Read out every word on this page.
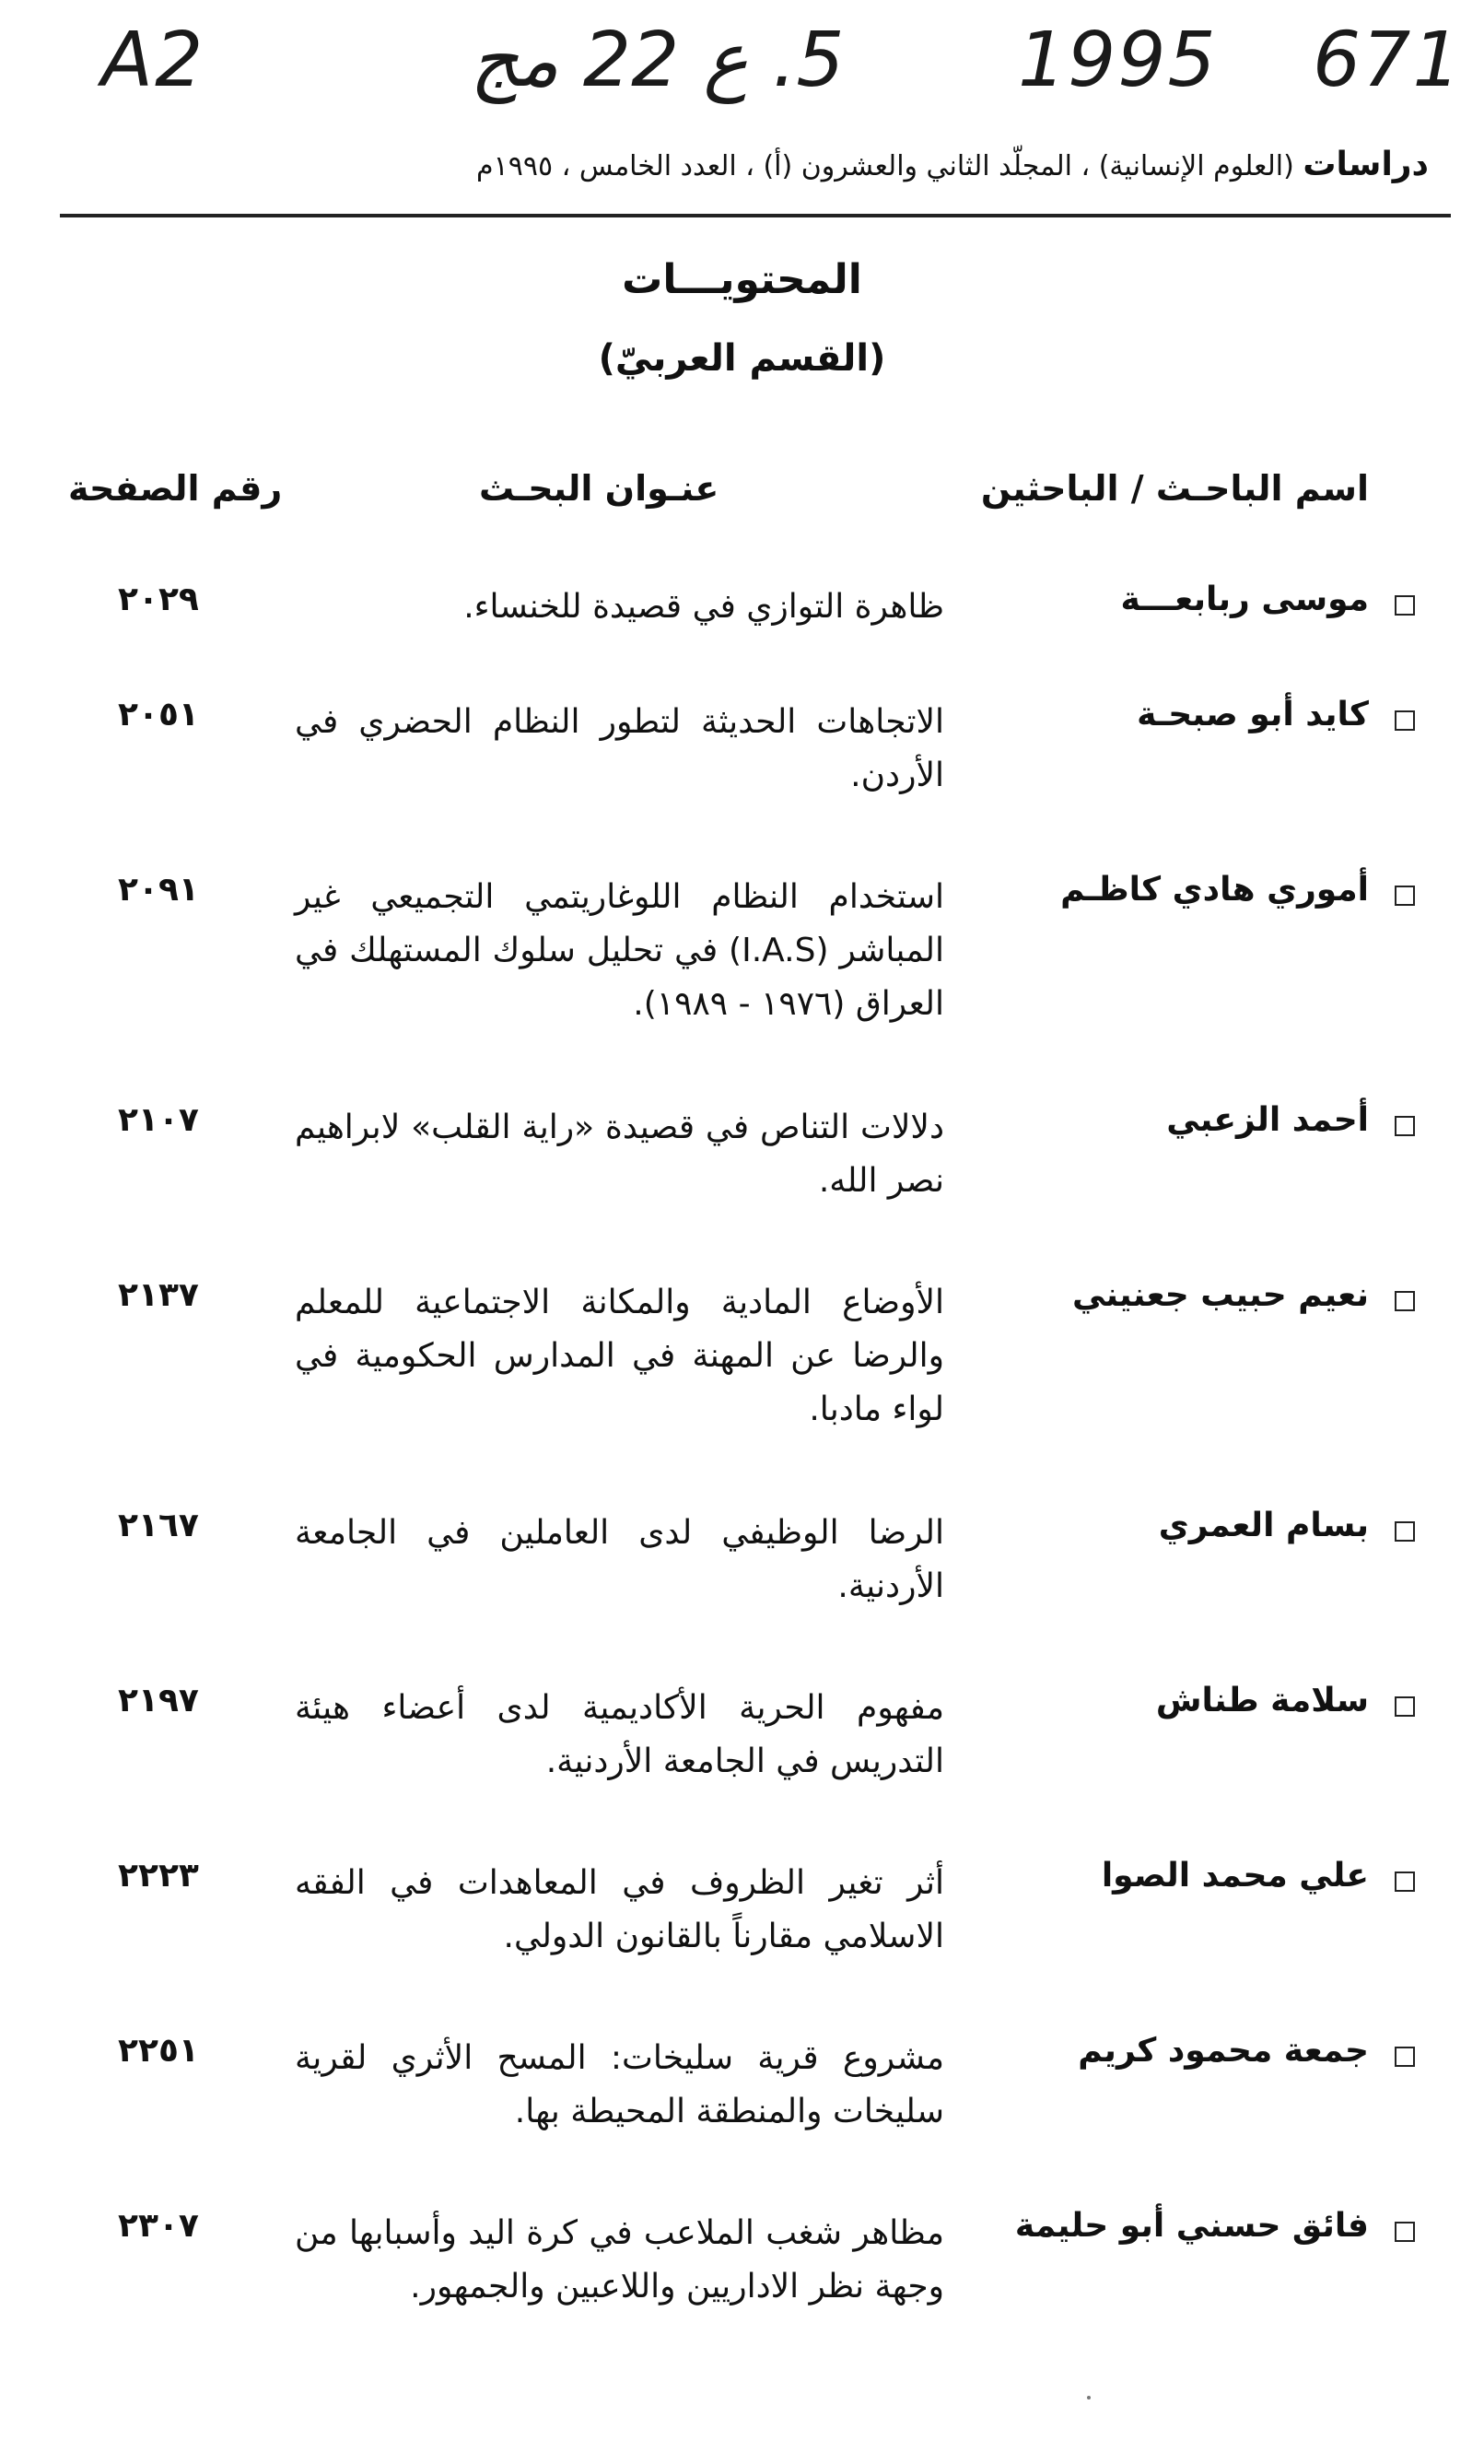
A2	5. ع 22 مج 1995 671
دراسات (العلوم الإنسانية) ، المجلّد الثاني والعشرون (أ) ، العدد الخامس ، ١٩٩٥م
المحتويـــات
(القسم العربيّ)
اسم الباحـث / الباحثين
عنـوان البحـث
رقم الصفحة
موسى ربابعـــة
ظاهرة التوازي في قصيدة للخنساء.
٢٠٢٩
كايد أبو صبحـة
الاتجاهات الحديثة لتطور النظام الحضري في الأردن.
٢٠٥١
أموري هادي كاظـم
استخدام النظام اللوغاريتمي التجميعي غير المباشر (I.A.S) في تحليل سلوك المستهلك في العراق (١٩٧٦ - ١٩٨٩).
٢٠٩١
أحمد الزعبي
دلالات التناص في قصيدة «راية القلب» لابراهيم نصر الله.
٢١٠٧
نعيم حبيب جعنيني
الأوضاع المادية والمكانة الاجتماعية للمعلم والرضا عن المهنة في المدارس الحكومية في لواء مادبا.
٢١٣٧
بسام العمري
الرضا الوظيفي لدى العاملين في الجامعة الأردنية.
٢١٦٧
سلامة طناش
مفهوم الحرية الأكاديمية لدى أعضاء هيئة التدريس في الجامعة الأردنية.
٢١٩٧
علي محمد الصوا
أثر تغير الظروف في المعاهدات في الفقه الاسلامي مقارناً بالقانون الدولي.
٢٢٢٣
جمعة محمود كريم
مشروع قرية سليخات: المسح الأثري لقرية سليخات والمنطقة المحيطة بها.
٢٢٥١
فائق حسني أبو حليمة
مظاهر شغب الملاعب في كرة اليد وأسبابها من وجهة نظر الاداريين واللاعبين والجمهور.
٢٣٠٧
